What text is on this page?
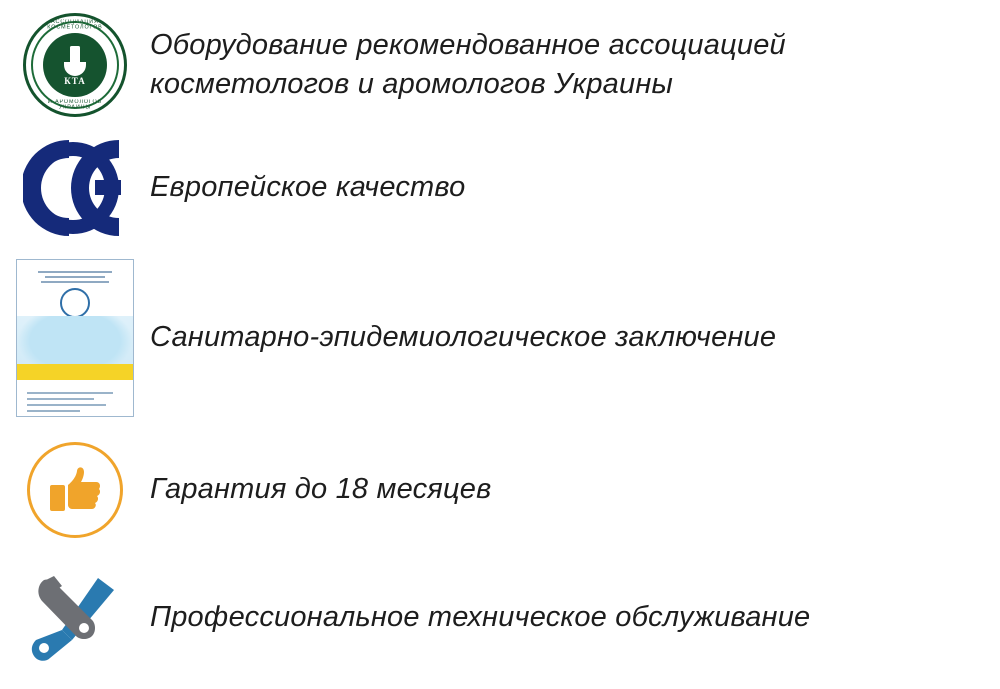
АССОЦИАЦИЯ КОСМЕТОЛОГОВ
И АРОМОЛОГОВ УКРАИНЫ
КТА
Оборудование рекомендованное ассоциацией косметологов и аромологов Украины
Европейское качество
Санитарно-эпидемиологическое заключение
Гарантия до 18 месяцев
Профессиональное техническое обслуживание
